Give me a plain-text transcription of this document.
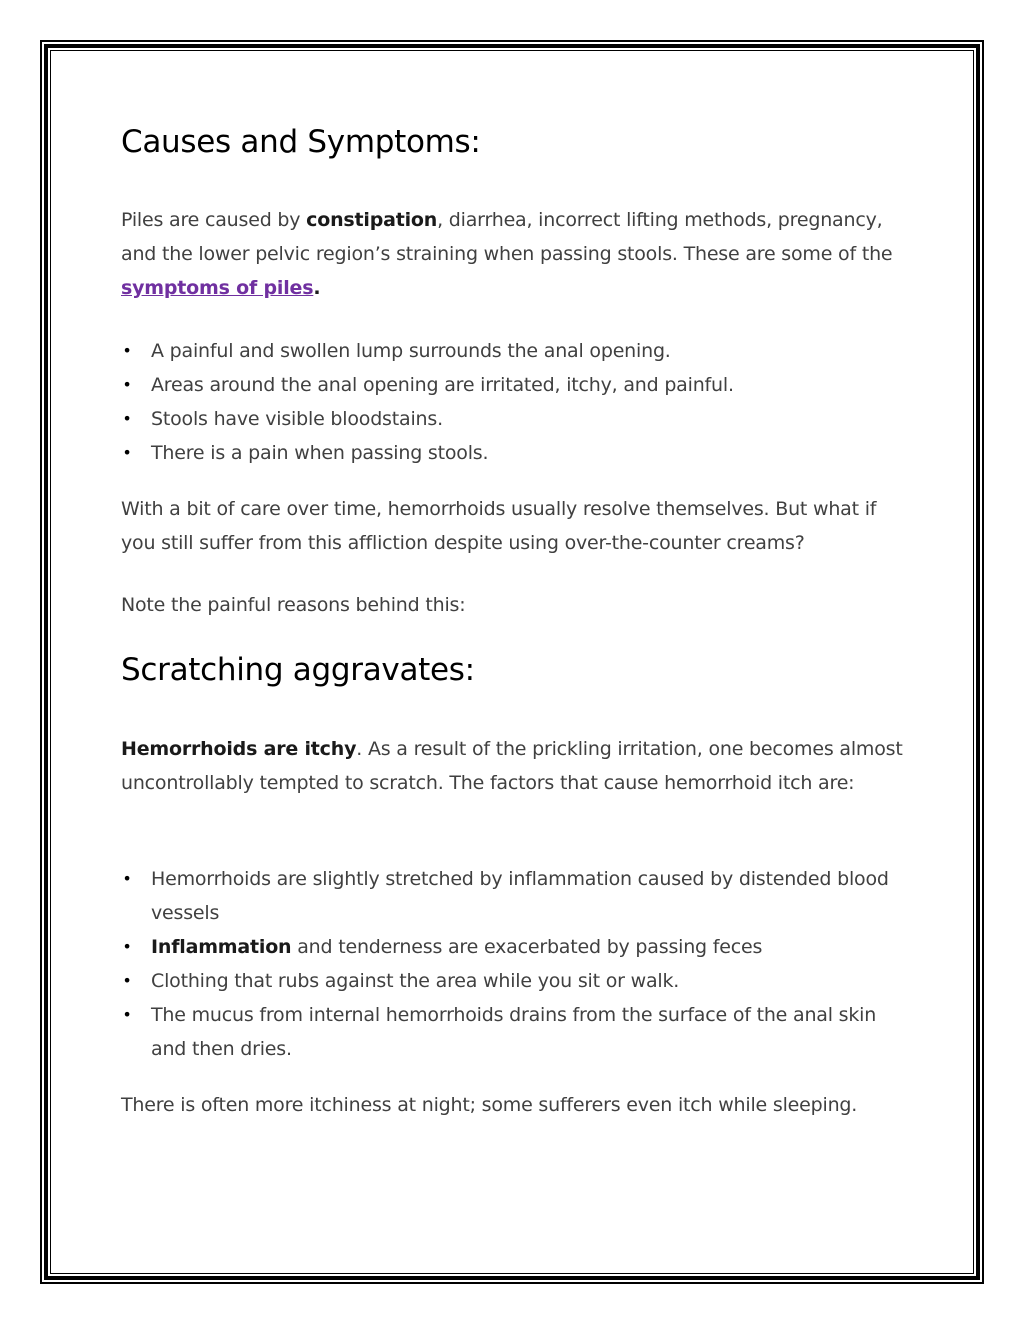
Causes and Symptoms:

Piles are caused by constipation, diarrhea, incorrect lifting methods, pregnancy, and the lower pelvic region’s straining when passing stools. These are some of the symptoms of piles.

• A painful and swollen lump surrounds the anal opening.
• Areas around the anal opening are irritated, itchy, and painful.
• Stools have visible bloodstains.
• There is a pain when passing stools.

With a bit of care over time, hemorrhoids usually resolve themselves. But what if you still suffer from this affliction despite using over-the-counter creams?

Note the painful reasons behind this:

Scratching aggravates:

Hemorrhoids are itchy. As a result of the prickling irritation, one becomes almost uncontrollably tempted to scratch. The factors that cause hemorrhoid itch are:

• Hemorrhoids are slightly stretched by inflammation caused by distended blood vessels
• Inflammation and tenderness are exacerbated by passing feces
• Clothing that rubs against the area while you sit or walk.
• The mucus from internal hemorrhoids drains from the surface of the anal skin and then dries.

There is often more itchiness at night; some sufferers even itch while sleeping.
